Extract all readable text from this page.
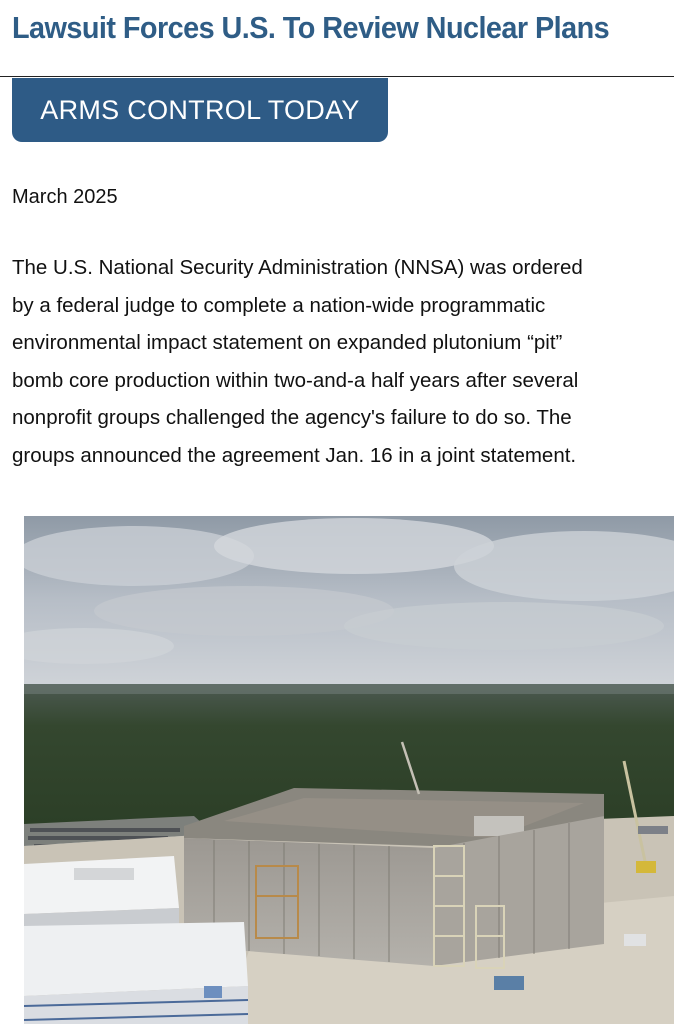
Lawsuit Forces U.S. To Review Nuclear Plans
ARMS CONTROL TODAY
March 2025
The U.S. National Security Administration (NNSA) was ordered
by a federal judge to complete a nation-wide programmatic
environmental impact statement on expanded plutonium “pit”
bomb core production within two-and-a half years after several
nonprofit groups challenged the agency's failure to do so. The
groups announced the agreement Jan. 16 in a joint statement.
